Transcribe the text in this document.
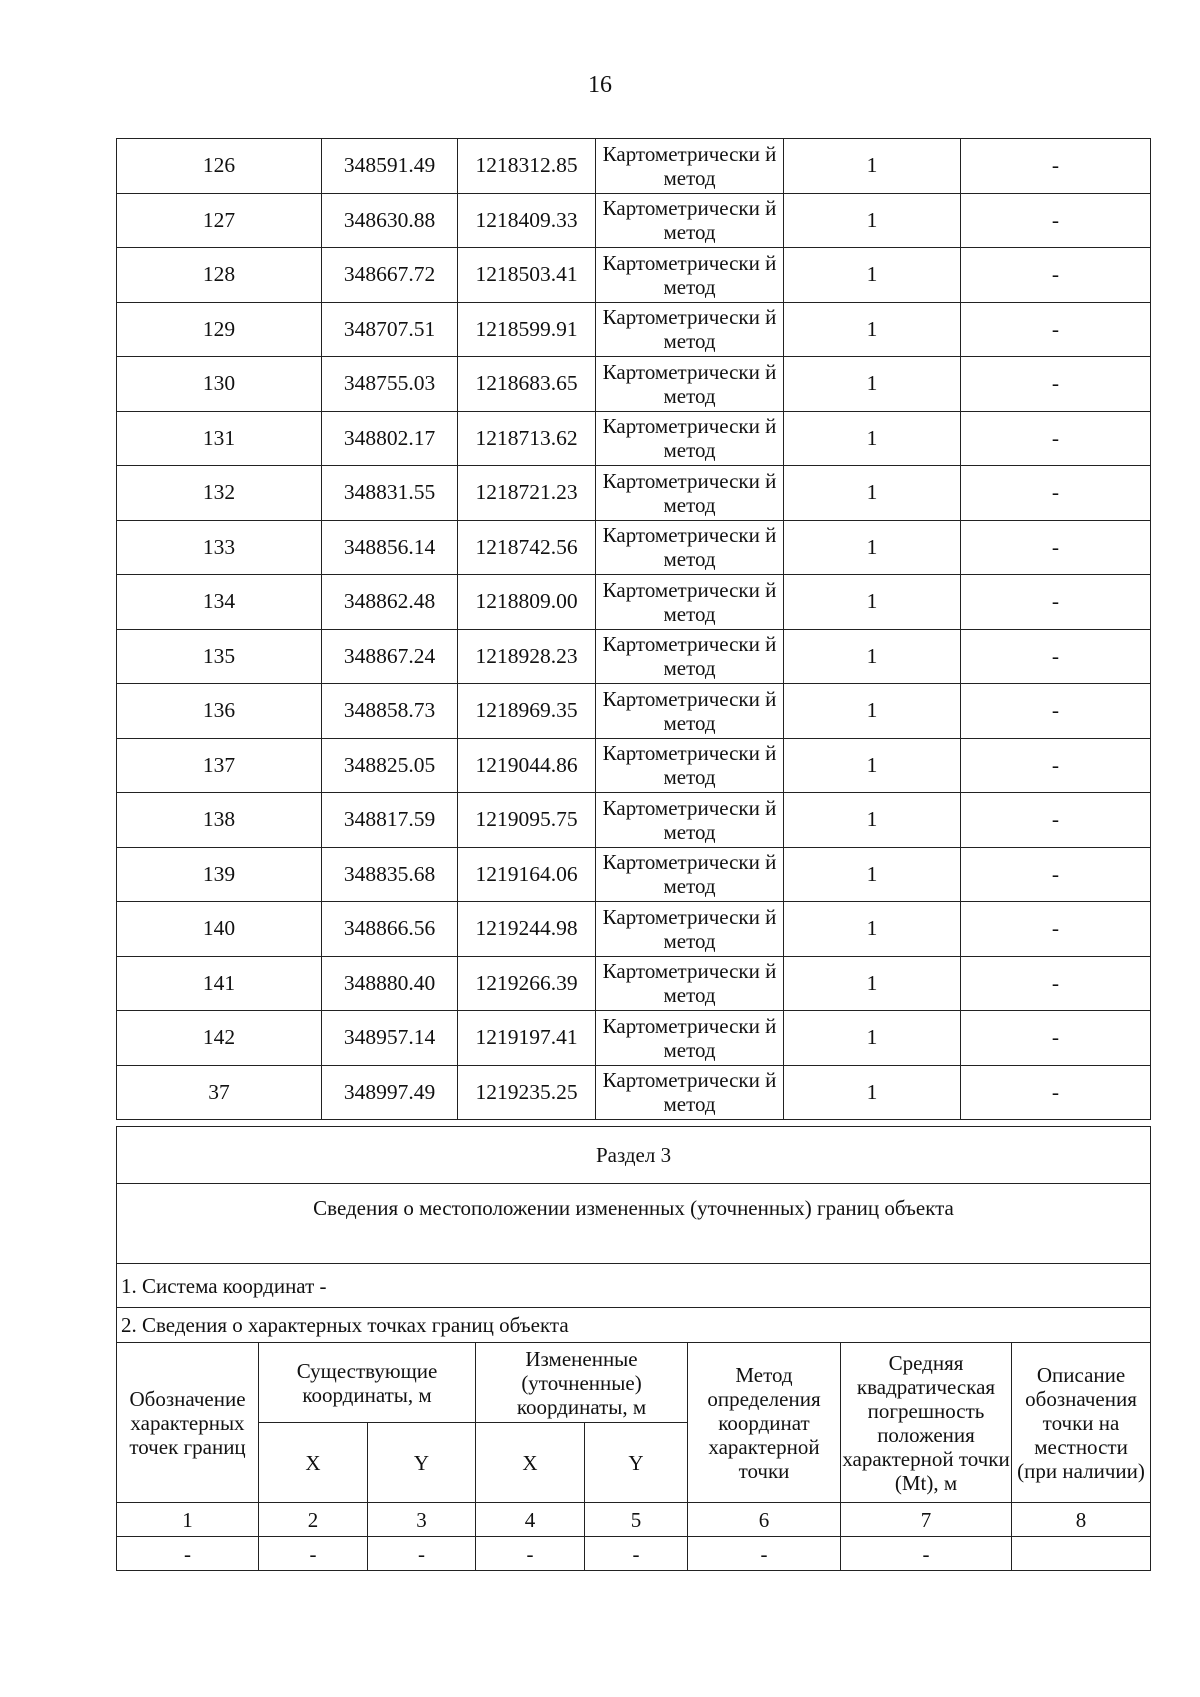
16
126	348591.49	1218312.85	Картометрически й метод	1	-
127	348630.88	1218409.33	Картометрически й метод	1	-
128	348667.72	1218503.41	Картометрически й метод	1	-
129	348707.51	1218599.91	Картометрически й метод	1	-
130	348755.03	1218683.65	Картометрически й метод	1	-
131	348802.17	1218713.62	Картометрически й метод	1	-
132	348831.55	1218721.23	Картометрически й метод	1	-
133	348856.14	1218742.56	Картометрически й метод	1	-
134	348862.48	1218809.00	Картометрически й метод	1	-
135	348867.24	1218928.23	Картометрически й метод	1	-
136	348858.73	1218969.35	Картометрически й метод	1	-
137	348825.05	1219044.86	Картометрически й метод	1	-
138	348817.59	1219095.75	Картометрически й метод	1	-
139	348835.68	1219164.06	Картометрически й метод	1	-
140	348866.56	1219244.98	Картометрически й метод	1	-
141	348880.40	1219266.39	Картометрически й метод	1	-
142	348957.14	1219197.41	Картометрически й метод	1	-
37	348997.49	1219235.25	Картометрически й метод	1	-
Раздел 3							
Сведения о местоположении измененных (уточненных) границ объекта							
1. Система координат -							
2. Сведения о характерных точках границ объекта							
Обозначение характерных точек границ	Существующие координаты, м		Измененные (уточненные) координаты, м		Метод определения координат характерной точки	Средняя квадратическая погрешность положения характерной точки (Mt), м	Описание обозначения точки на местности (при наличии)
	X	Y	X	Y			
1	2	3	4	5	6	7	8
-	-	-	-	-	-	-	
